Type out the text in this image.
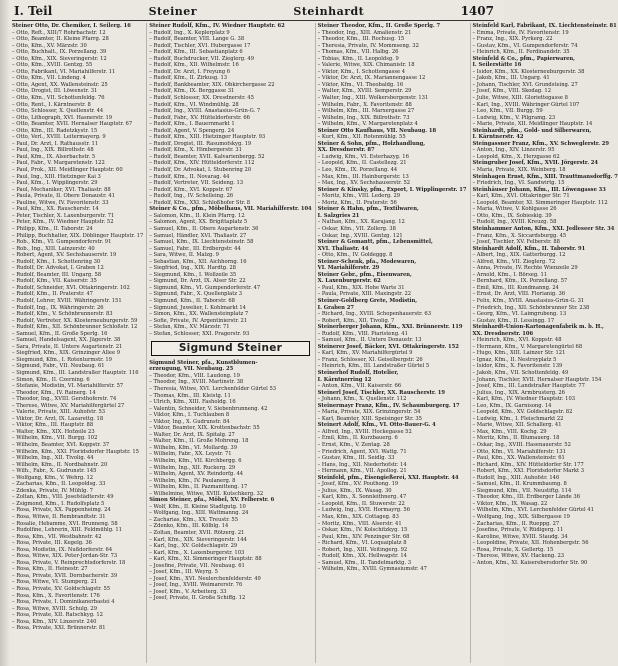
I. Teil	Steiner	Steinhardt	1407
Steiner Otto, Dr. Chemiker, I. Seilerg. 16
– Otto, Reft., XIII/7 Rohrbachstr. 12
– Otto, Beamter, II. Kleine Pfarrg. 28
– Otto, Kfm., XV. Märzstr. 30
– Otto, Buchhalt., IX. Porzellang. 39
– Otto, Kfm., XIX. Sieveringerstr. 12
– Otto, Kfm., XVIII. Gentzg. 55
– Otto, Fabrikant, VI. Mariahilferstr. 11
– Otto, Kfm., VII. Lindeng. 4
– Otto, Agent, XX. Wallensteinstr. 25
– Otto, Drogist, III. Löwenstr. 31
– Otto, Kfm., VII. Schottenfeldg. 76
– Otto, Rent., I. Kärntnerstr. 8
– Otto, Schlosser, X. Quellenstr. 44
– Otto, Lithograph, XVI. Hasnerstr. 19
– Otto, Beamter, XVII. Hernalser Hauptstr. 67
– Otto, Kfm., III. Radetzkystr. 15
– Otto, Verl., XVIII. Leitermayerg. 9
– Paul, Dr. Arzt, I. Rathausstr. 11
– Paul, Ing., XIX. Billrothstr. 48
– Paul, Kfm., IX. Alserbachstr. 5
– Paul, Fabr., V. Margaretenstr. 122
– Paul, Prok., XII. Meidlinger Hauptstr. 60
– Paul, Ing., XIII. Hietzinger Kai 3
– Paul, Kfm., I. Wipplingerstr. 29
– Paul, Mechaniker, XVI. Thaliastr. 88
– Paula, Private, II. Obere Donaustr. 41
– Pauline, Witwe, IV. Favoritenstr. 33
– Paul, Kfm., XX. Rauscherstr. 14
– Peter, Tischler, X. Laxenburgerstr. 71
– Peter, Kfm., IV. Wiedner Hauptstr. 52
– Philipp, Kfm., II. Taborstr. 24
– Philipp, Buchhalter, XIX. Döblinger Hauptstr. 17
– Rob., Kfm., VI. Gumpendorferstr. 91
– Rob., Ing., XIII. Lainzerstr. 40
– Robert, Agent, XV. Sechshauserstr. 19
– Rudolf, Kfm., I. Schottenring 30
– Rudolf, Dr. Advokat, I. Graben 12
– Rudolf, Beamter, III. Ungarg. 58
– Rudolf, Kfm., VII. Kaiserstr. 35
– Rudolf, Schneider, XVI. Ottakringerstr. 102
– Rudolf, Kfm., II. Praterstr. 47
– Rudolf, Lehrer, XVIII. Währingerstr. 151
– Rudolf, Ing., IX. Währingerstr. 26
– Rudolf, Kfm., V. Schönbrunnerstr. 83
– Rudolf, Vertreter, XX. Klosterneuburgerstr. 59
– Rudolf, Kfm., XII. Schönbrunner Schloßstr. 12
– Samuel, Kfm., II. Große Sperlg. 16
– Samuel, Handelsagent, XX. Jägerstr. 38
– Sara, Private, II. Untere Augartenstr. 21
– Siegfried, Kfm., XIX. Grinzinger Allee 9
– Siegmund, Kfm., I. Rotenturmstr. 19
– Sigmund, Fabr., VII. Neubaug. 61
– Sigmund, Kfm., III. Landstraßer Hauptstr. 116
– Simon, Kfm., II. Czerning. 6
– Stefanie, Modistin, VI. Mariahilferstr. 57
– Theodor, Kfm., IV. Rainerg. 14
– Theodor, Ing., XVIII. Gersthoferstr. 74
– Therese, Witwe, XV. Mariahilfergürtel 27
– Valerie, Private, XIII. Auhofstr. 53
– Viktor, Dr. Arzt, IX. Lazarettg. 18
– Viktor, Kfm., III. Hauptstr. 88
– Walter, Kfm., XIX. Hofzeile 23
– Wilhelm, Kfm., VII. Burgg. 102
– Wilhelm, Beamter, XVI. Koppstr. 37
– Wilhelm, Kfm., XXI. Floridsdorfer Hauptstr. 15
– Wilhelm, Ing., XII. Tivolig. 44
– Wilhelm, Kfm., II. Nordbahnstr. 20
– Wilh., Fabr., X. Gudrunstr. 145
– Wolfgang, Kfm., V. Wehrg. 12
– Zacharias, Kfm., II. Leopoldsg. 33
– Zdenka, Private, IV. Mühlg. 7
– Zoltan, Kfm., VIII. Josefstädterstr. 49
– Zsigmond, Kfm., I. Rudolfsplatz 5
– Rosa, Private, XX. Pappenheimg. 24
– Rosa, Witwe, II. Rembrandtstr. 31
– Rosalie, Hebamme, XVI. Brunneng. 58
– Rudolfine, Lehrerin, XIII. Feldmühlg. 11
– Rosa, Kfm., VII. Westbahnstr. 42
– Rosa, Private, III. Kegelg. 36
– Rosa, Modistin, IX. Nußdorferstr. 64
– Rosa, Witwe, XIX. Peter-Jordan-Str. 73
– Rosa, Private, V. Reinprechtsdorferstr. 18
– Rosa, Kfm., II. Heinestr. 27
– Rosa, Private, XVII. Dornbacherstr. 39
– Rosa, Witwe, VI. Stumperg. 21
– Rosa, Private, XV. Goldschlagstr. 55
– Rosa, Kfm., X. Favoritenstr. 176
– Rosa, Private, I. Dominikanerbastei 4
– Rosa, Witwe, XVIII. Schulg. 29
– Rosa, Private, XII. Ratschkyg. 12
– Rosa, Kfm., XIV. Linzerstr. 240
– Rosa, Private, XXI. Brünnerstr. 81
Steiner Rudolf, Kfm., IV. Wiedner Hauptstr. 62
– Rudolf, Ing., X. Keplerplatz 9
– Rudolf, Beamter, VIII. Lange G. 38
– Rudolf, Tischler, XVI. Hubergasse 17
– Rudolf, Kfm., III. Sebastianplatz 6
– Rudolf, Buchdrucker, VII. Zieglerg. 49
– Rudolf, Kfm., XII. Wilhelmstr. 16
– Rudolf, Dr. Arzt, I. Freyung 6
– Rudolf, Kfm., II. Zirkusg. 13
– Rudolf, Bankbeamter, XIX. Obkirchergasse 22
– Rudolf, Kfm., IX. Berggasse 31
– Rudolf, Schlosser, XX. Dresdnerstr. 45
– Rudolf, Kfm., VI. Windmühlg. 28
– Rudolf, Ing., XVIII. Anastasius-Grün-G. 7
– Rudolf, Fabr., XV. Hütteldorferstr. 66
– Rudolf, Kfm., I. Bauernmarkt 1
– Rudolf, Agent, V. Spengerg. 24
– Rudolf, Kfm., XIII. Hietzinger Hauptstr. 93
– Rudolf, Drogist, III. Rasumofskyg. 19
– Rudolf, Kfm., X. Himbergerstr. 31
– Rudolf, Beamter, XVII. Kalvarienbergg. 52
– Rudolf, Kfm., XIV. Hütteldorferstr. 112
– Rudolf, Dr. Advokat, I. Stubenring 20
– Rudolf, Kfm., II. Novarag. 44
– Rudolf, Vertreter, VII. Seideng. 13
– Rudolf, Kfm., XVI. Koppstr. 67
– Rudolf, Ing., IV. Schelleing. 26
– Rudolf, Kfm., XXI. Schloßhofer Str. 8
Steiner & Co., pfm., Möbelhaus, VII. Mariahilferstr. 104
– Salomon, Kfm., II. Klein Pfarrg. 12
– Salomon, Agent, XX. Brigittaplatz 5
– Samuel, Kfm., II. Obere Augartenstr. 36
– Samuel, Händler, XVI. Thaliastr. 27
– Samuel, Kfm., IX. Liechtensteinstr. 58
– Samuel, Fabr., III. Erdbergstr. 44
– Sara, Witwe, II. Malzg. 9
– Sebastian, Kfm., XII. Aichhorng. 16
– Siegfried, Ing., XIX. Hardtg. 28
– Siegmund, Kfm., I. Wollzeile 35
– Sigmund, Dr. Arzt, IX. Alser Str. 22
– Sigmund, Kfm., VI. Gumpendorferstr. 47
– Sigmund, Fabr., X. Quellenplatz 3
– Sigmund, Kfm., II. Taborstr. 68
– Sigmund, Juwelier, I. Kohlmarkt 14
– Simon, Kfm., XX. Wallensteinplatz 7
– Sofie, Private, IV. Argentinierstr. 21
– Stefan, Kfm., XV. Märzstr. 71
– Stefan, Schlosser, XXI. Pragerstr. 93
Sigmund Steiner
Sigmund Steiner, pfa., Kunstblumen-
erzeugung, VII. Neubaug. 25
– Theodor, Kfm., VIII. Laudong. 19
– Theodor, Ing., XVIII. Martinstr. 38
– Theresia, Witwe, XVI. Lerchenfelder Gürtel 53
– Thomas, Kfm., III. Kleistg. 11
– Ulrich, Kfm., XIII. Fasholdg. 16
– Valentin, Schneider, V. Siebenbrunneng. 42
– Viktor, Kfm., I. Tuchlauben 8
– Viktor, Ing., X. Gudrunstr. 84
– Viktor, Beamter, XIX. Krottenbachstr. 55
– Walter, Dr. Arzt, IX. Spitalg. 27
– Walter, Kfm., II. Große Mohreng. 18
– Wilhelm, Kfm., VI. Mollardg. 39
– Wilhelm, Fabr., XX. Leystr. 71
– Wilhelm, Kfm., VII. Kirchbergg. 6
– Wilhelm, Ing., XII. Ruckerg. 29
– Wilhelm, Agent, XV. Reindorfg. 44
– Wilhelm, Kfm., IV. Paulanerg. 8
– Wilhelm, Kfm., II. Pazmanitteng. 17
– Wilhelmine, Witwe, XVIII. Kutschkerg. 32
Simon Steiner, pfa., Möbel, XV. Felberstr. 6
– Wolf, Kfm., II. Kleine Stadtgutg. 10
– Wolfgang, Ing., XIII. Wattmanng. 24
– Zacharias, Kfm., XX. Treustr. 55
– Zdenko, Kfm., III. Kölblg. 14
– Zoltan, Beamter, XVII. Rötzerg. 21
– Karl, Kfm., XIX. Sieveringerstr. 144
– Karl, Ing., XV. Goldschlagstr. 29
– Karl, Kfm., X. Laxenburgerstr. 103
– Karl, Kfm., XI. Simmeringer Hauptstr. 88
– Josefine, Private, VII. Neubaug. 61
– Josef, Kfm., III. Weyrg. 5
– Josef, Kfm., XVI. Neulerchenfelderstr. 49
– Josef, Ing., XVIII. Weimarerstr. 76
– Josef, Kfm., V. Arbeiterg. 33
– Josef, Private, II. Große Schiffg. 12
Steiner Theodor, Kfm., II. Große Sperlg. 7
– Theodor, Ing., XIII. Amalienstr. 21
– Theodor, Kfm., III. Rochusg. 15
– Theresia, Private, IV. Mommseng. 32
– Thomas, Kfm., VII. Halbg. 26
– Tobias, Kfm., II. Leopoldsg. 9
– Valerie, Witwe, XIX. Chimanistr. 18
– Viktor, Kfm., I. Schottengasse 4
– Viktor, Dr. Arzt, IX. Mariannengasse 12
– Viktor, Kfm., VI. Theobaldg. 16
– Walter, Kfm., XVIII. Semperstr. 29
– Walter, Ing., XIII. Wolkersbergenstr. 131
– Wilhelm, Fabr., X. Favoritenstr. 88
– Wilhelm, Kfm., III. Marxergasse 27
– Wilhelm, Ing., XIX. Billrothstr. 73
– Wilhelm, Kfm., V. Margaretenplatz 4
Steiner Otto Kaufhaus, VII. Neubaug. 18
– Kurt, Kfm., XII. Rotenmühlg. 55
Steiner & Sohn, pfm., Holzhandlung,
XX. Dresdnerstr. 87
– Ludwig, Kfm., VI. Esterhazyg. 16
– Leopold, Kfm., II. Castellezg. 21
– Leo, Kfm., IX. Porzellang. 44
– Max, Kfm., III. Hainburgerstr. 13
– Max, Ing., XV. Sechshauserstr. 52
Steiner & Kinsky, pfm., Export, I. Wipplingerstr. 17
– Moritz, Kfm., VIII. Lederg. 29
– Moriz, Kfm., II. Praterstr. 56
Steiner & Hahn, pfm., Textilwaren,
I. Salzgries 21
– Nathan, Kfm., XX. Karajang. 12
– Oskar, Kfm., VII. Zollerg. 38
– Oskar, Ing., XVIII. Gentzg. 121
Steiner & Gomantt, pfm., Lebensmittel,
XVI. Thaliastr. 44
– Otto, Kfm., IV. Goldeggg. 8
Steiner-Schenk, pfa., Modewaren,
VI. Mariahilferstr. 29
Steiner Gebr., pfm., Eisenwaren,
X. Laxenburgerstr. 62
– Paul, Kfm., XIX. Hohe Warte 31
– Paula, Private, XIII. Maxingstr. 22
Steiner-Goldberg Grete, Modistin,
I. Graben 27
– Richard, Ing., XVIII. Schopenhauerstr. 63
– Robert, Kfm., XII. Tivolig. 7
Steinerberger Johann, Kfm., XXI. Brünnerstr. 119
– Rudolf, Kfm., VIII. Piaristeng. 41
– Samuel, Kfm., II. Untere Donaustr. 13
Steinerer Josef, Bäcker, XVI. Ottakringerstr. 152
– Karl, Kfm., XV. Mariahilfergürtel 9
– Franz, Schlosser, XI. Geiselbergstr. 26
– Heinrich, Kfm., III. Landstraßer Gürtel 5
Steinerhof Rudolf, Hotelier,
I. Kärntnerring 12
– Anton, Kfm., VII. Kaiserstr. 66
Steinerl Josef, Tischler, XX. Rauscherstr. 19
– Johann, Kfm., X. Quellenstr. 112
Steinermayr Franz, Kfm., IV. Schaumburgerg. 17
– Maria, Private, XIX. Grinzingerstr. 54
– Karl, Beamter, XIII. Speisinger Str. 35
Steinert Adolf, Kfm., VI. Otto-Bauer-G. 4
– Alfred, Ing., XVIII. Hockegasse 52
– Emil, Kfm., II. Kurzbauerg. 6
– Ernst, Kfm., V. Zentag. 28
– Friedrich, Agent, XVI. Wattg. 71
– Gustav, Kfm., III. Seidlg. 33
– Hans, Ing., XII. Niederhofstr. 14
– Hermann, Kfm., VII. Apollog. 21
Steinfeld, pfm., Eisengießerei, XXI. Hauptstr. 44
– Josef, Kfm., XV. Pouthong. 19
– Julius, Kfm., IX. Wasag. 30
– Karl, Kfm., X. Sonnleithnerg. 47
– Leopold, Kfm., II. Stuwerstr. 22
– Ludwig, Ing., XVII. Hormayrg. 56
– Max, Kfm., XIX. Cottageg. 83
– Moritz, Kfm., VIII. Alserstr. 41
– Oskar, Kfm., IV. Kolschitzkyg. 15
– Paul, Kfm., XIV. Penzinger Str. 68
– Richard, Kfm., VI. Loquaiplatz 8
– Robert, Ing., XIII. Veitingerg. 92
– Rudolf, Kfm., XX. Hellwagstr. 14
– Samuel, Kfm., II. Tandelmarktg. 3
– Wilhelm, Kfm., XVIII. Gymnasiumstr. 47
Steinfeld Karl, Fabrikant, IX. Liechtensteinstr. 81
– Emma, Private, IV. Favoritenstr. 19
– Franz, Ing., XIX. Pyrkerg. 22
– Gustav, Kfm., VI. Gumpendorferstr. 74
– Heinrich, Kfm., II. Ferdinandstr. 35
Steinfeld & Co., pfm., Papierwaren,
I. Seilerstätte 16
– Isidor, Kfm., XX. Klosterneuburgerstr. 38
– Jakob, Kfm., III. Ungarg. 41
– Johann, Tischler, XVI. Grundsteing. 27
– Josef, Kfm., VIII. Skodag. 12
– Julie, Witwe, XIII. Gloriettegasse 8
– Karl, Ing., XVIII. Währinger Gürtel 107
– Leo, Kfm., VII. Burgg. 59
– Ludwig, Kfm., V. Pilgramg. 23
– Marie, Private, XII. Meidlinger Hauptstr. 14
Steinhardt, pfm., Gold- und Silberwaren,
I. Kärntnerstr. 42
Steingassner Franz, Kfm., XV. Schweglerstr. 29
– Anton, Ing., XIV. Linzerstr. 95
– Leopold, Kfm., X. Herzgasse 62
Steingruber Josef, Kfm., XVII. Jörgerstr. 24
– Maria, Private, XIX. Weinberg. 18
Steinhagen Ernst, Kfm., XIII. Trauttmansdorffg. 7
– Friedrich, Ing., VI. Sandwirtg. 15
Steinhäuser Johann, Kfm., III. Löwengasse 33
– Karl, Kfm., XVI. Ottakringer Str. 71
– Leopold, Beamter, XI. Simmeringer Hauptstr. 112
– Maria, Witwe, V. Kohlgasse 26
– Otto, Kfm., IX. Sobieskig. 39
– Rudolf, Ing., XVIII. Kreuzg. 58
Steinhammer Anton, Kfm., XXI. Jedleseer Str. 34
– Franz, Kfm., X. Siccardsburgg. 45
– Josef, Tischler, XV. Felberstr. 88
Steinhardt Adolf, Kfm., II. Taborstr. 91
– Albert, Ing., XIX. Gatterburgg. 12
– Alfred, Kfm., VII. Zieglerg. 72
– Anna, Private, IV. Rechte Wienzeile 29
– Arnold, Kfm., I. Börseg. 11
– Bernhard, Kfm., IX. Porzellang. 57
– Emil, Kfm., III. Kundmanng. 24
– Ernst, Dr. Arzt, VIII. Florianig. 36
– Felix, Kfm., XVIII. Anastasius-Grün-G. 31
– Friedrich, Ing., XII. Schönbrunner Str. 238
– Georg, Kfm., VI. Laimgrubeng. 13
– Gustav, Kfm., II. Lessingg. 17
Steinhardt-Union-Kartonagenfabrik m. b. H.,
XX. Dresdnerstr. 106
– Heinrich, Kfm., XVI. Koppstr. 48
– Hermann, Kfm., V. Margaretengürtel 68
– Hugo, Kfm., XIII. Lainzer Str. 121
– Ignaz, Kfm., II. Nestroyplatz 5
– Isidor, Kfm., X. Favoritenstr. 139
– Jakob, Kfm., VII. Schottenfeldg. 49
– Johann, Tischler, XVII. Hernalser Hauptstr. 154
– Josef, Kfm., III. Landstraßer Hauptstr. 77
– Julius, Ing., XIX. Armbrusterg. 26
– Karl, Kfm., IV. Wiedner Hauptstr. 103
– Leo, Kfm., IX. Garnisong. 14
– Leopold, Kfm., XV. Goldschlagstr. 82
– Ludwig, Kfm., I. Fleischmarkt 22
– Marie, Witwe, XII. Schallerg. 41
– Max, Kfm., VIII. Kochg. 29
– Moritz, Kfm., II. Blumauerg. 18
– Oskar, Ing., XVIII. Hasenauerstr. 52
– Otto, Kfm., VI. Mariahilferstr. 131
– Paul, Kfm., XX. Wallensteinstr. 61
– Richard, Kfm., XIV. Hütteldorfer Str. 177
– Robert, Kfm., XXI. Floridsdorfer Markt 3
– Rudolf, Ing., XIII. Auhofstr. 146
– Samuel, Kfm., II. Krummbaumg. 8
– Siegmund, Kfm., VII. Neustiftg. 114
– Theodor, Kfm., III. Erdberger Lände 36
– Viktor, Kfm., IX. Wasag. 22
– Wilhelm, Kfm., XVI. Lerchenfelder Gürtel 41
– Wolfgang, Ing., XIX. Silbergasse 19
– Zacharias, Kfm., II. Rueppg. 27
– Josefine, Private, V. Rüdigerg. 11
– Karoline, Witwe, XVIII. Staudg. 34
– Leopoldine, Private, XII. Hohenbergstr. 56
– Rosa, Private, X. Gellertg. 15
– Therese, Witwe, XV. Hackeng. 23
– Anton, Kfm., XI. Kaiserebersdorfer Str. 90
